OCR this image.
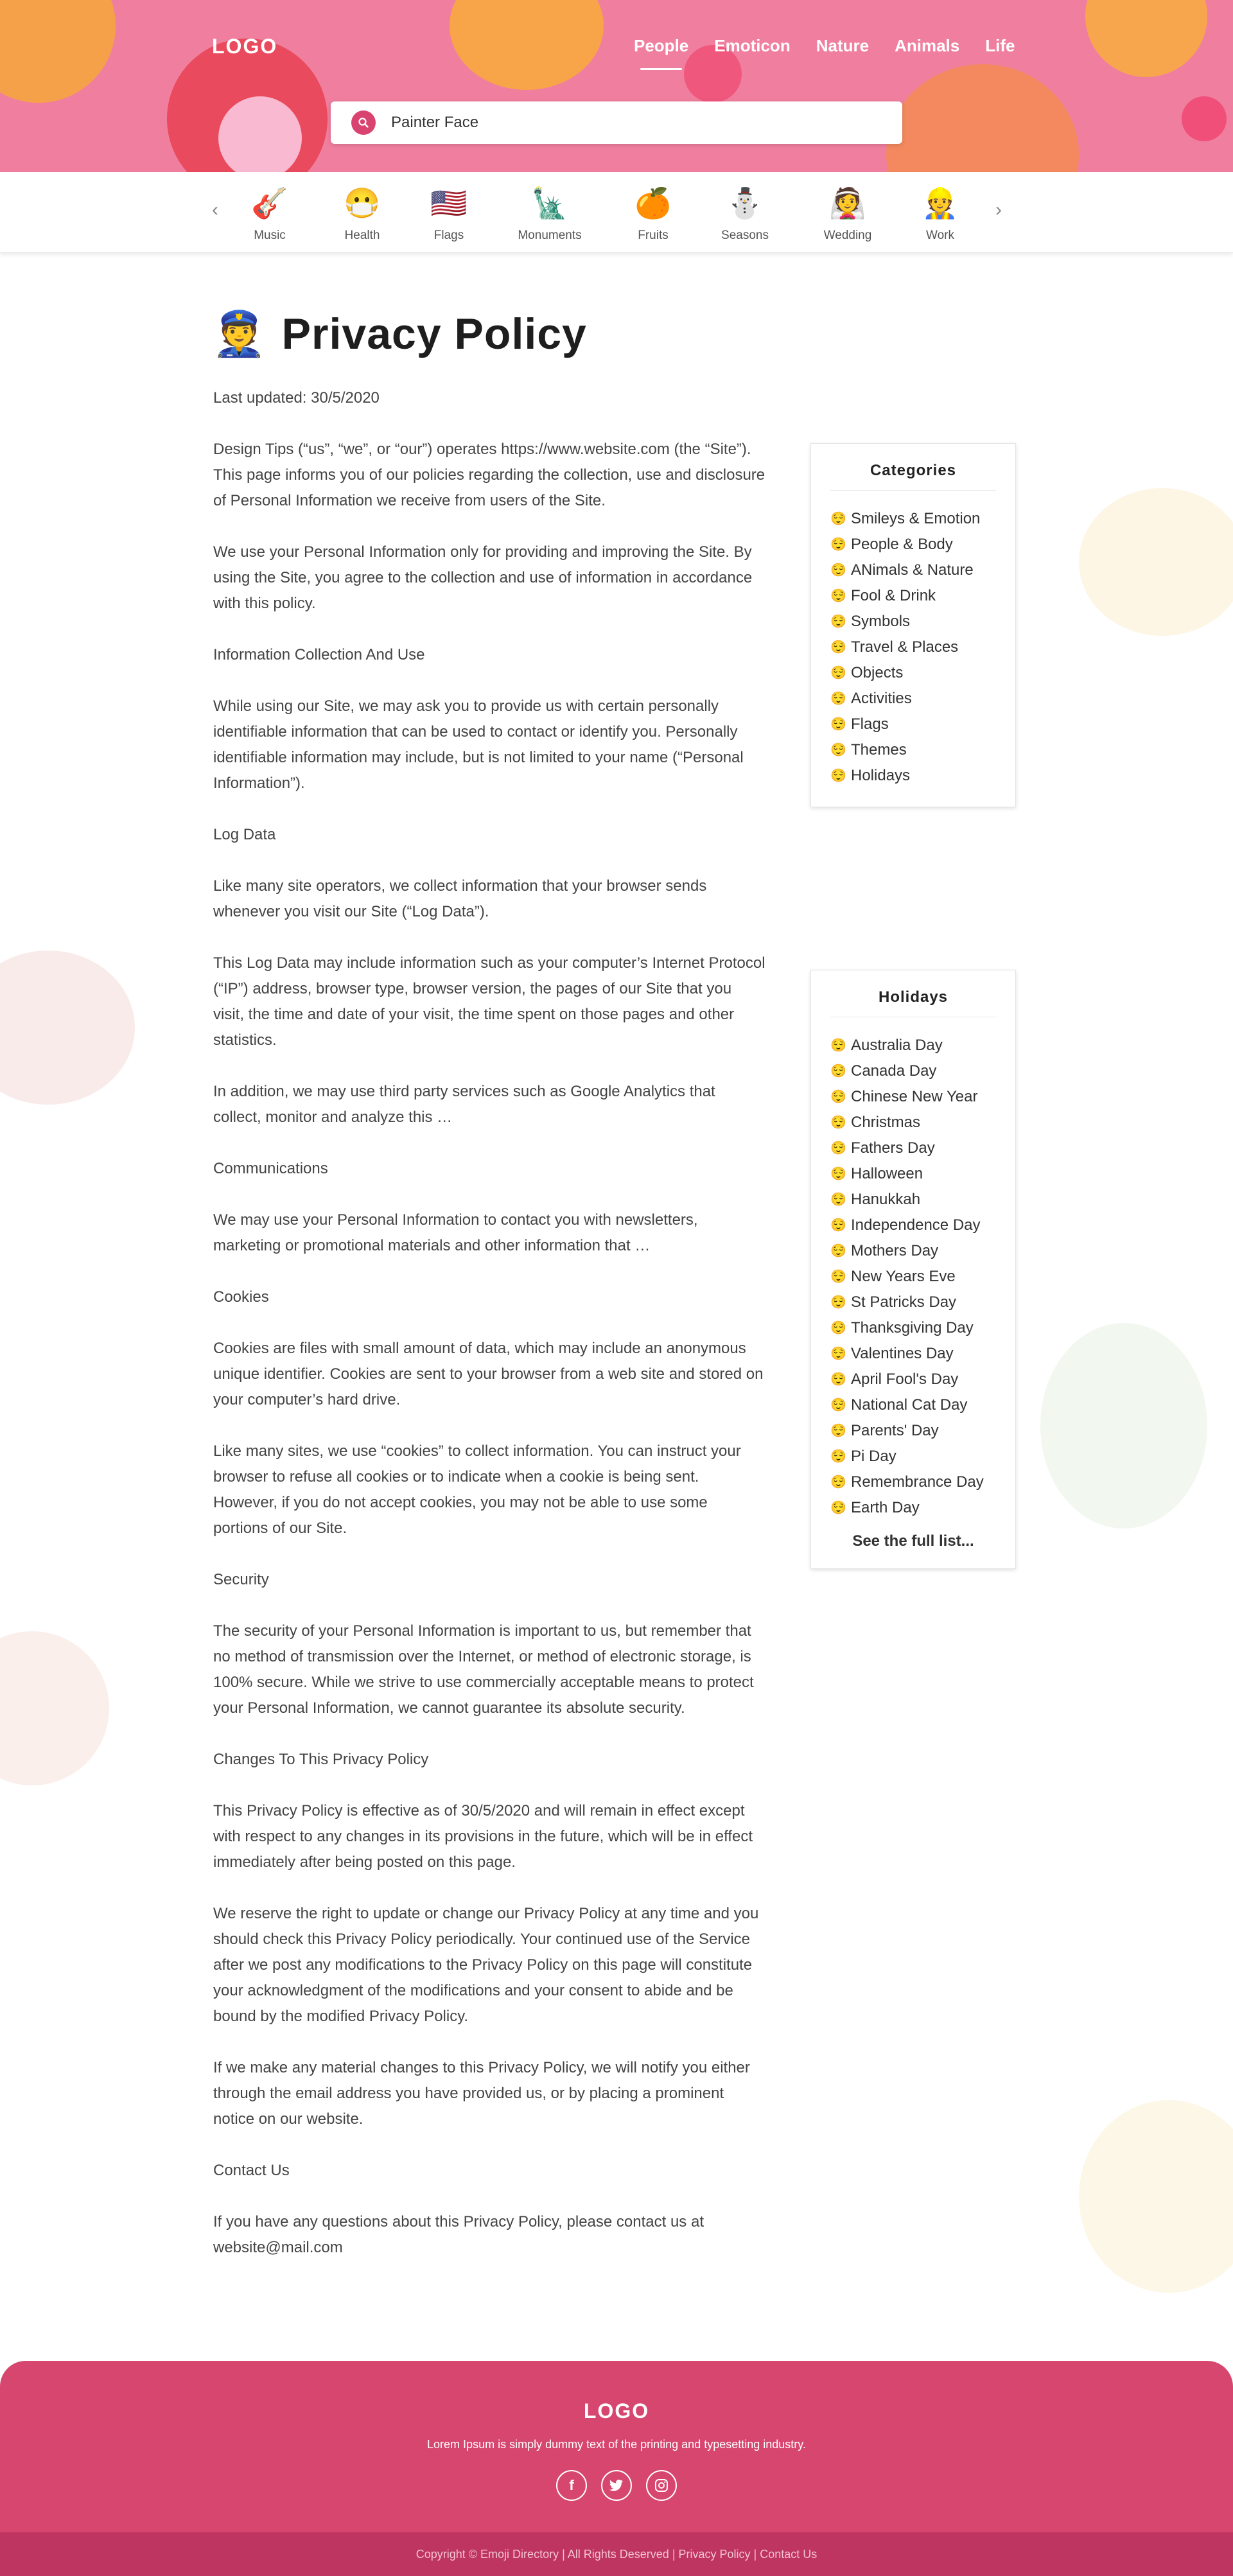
LOGO	People Emoticon Nature Animals Life
Painter Face
‹	🎸
Music
😷
Health
🇺🇸
Flags
🗽
Monuments
🍊
Fruits
⛄
Seasons
👰
Wedding
👷
Work
›
👮 Privacy Policy

Last updated: 30/5/2020

Design Tips (“us”, “we”, or “our”) operates https://www.website.com (the “Site”). This page informs you of our policies regarding the collection, use and disclosure of Personal Information we receive from users of the Site.

We use your Personal Information only for providing and improving the Site. By using the Site, you agree to the collection and use of information in accordance with this policy.

Information Collection And Use

While using our Site, we may ask you to provide us with certain personally identifiable information that can be used to contact or identify you. Personally identifiable information may include, but is not limited to your name (“Personal Information”).

Log Data

Like many site operators, we collect information that your browser sends whenever you visit our Site (“Log Data”).

This Log Data may include information such as your computer’s Internet Protocol (“IP”) address, browser type, browser version, the pages of our Site that you visit, the time and date of your visit, the time spent on those pages and other statistics.

In addition, we may use third party services such as Google Analytics that collect, monitor and analyze this …

Communications

We may use your Personal Information to contact you with newsletters, marketing or promotional materials and other information that …

Cookies

Cookies are files with small amount of data, which may include an anonymous unique identifier. Cookies are sent to your browser from a web site and stored on your computer’s hard drive.

Like many sites, we use “cookies” to collect information. You can instruct your browser to refuse all cookies or to indicate when a cookie is being sent. However, if you do not accept cookies, you may not be able to use some portions of our Site.

Security

The security of your Personal Information is important to us, but remember that no method of transmission over the Internet, or method of electronic storage, is 100% secure. While we strive to use commercially acceptable means to protect your Personal Information, we cannot guarantee its absolute security.

Changes To This Privacy Policy

This Privacy Policy is effective as of 30/5/2020 and will remain in effect except with respect to any changes in its provisions in the future, which will be in effect immediately after being posted on this page.

We reserve the right to update or change our Privacy Policy at any time and you should check this Privacy Policy periodically. Your continued use of the Service after we post any modifications to the Privacy Policy on this page will constitute your acknowledgment of the modifications and your consent to abide and be bound by the modified Privacy Policy.

If we make any material changes to this Privacy Policy, we will notify you either through the email address you have provided us, or by placing a prominent notice on our website.

Contact Us

If you have any questions about this Privacy Policy, please contact us at website@mail.com

Categories
😌 Smileys & Emotion
😌 People & Body
😌 ANimals & Nature
😌 Fool & Drink
😌 Symbols
😌 Travel & Places
😌 Objects
😌 Activities
😌 Flags
😌 Themes
😌 Holidays
Holidays
😌 Australia Day
😌 Canada Day
😌 Chinese New Year
😌 Christmas
😌 Fathers Day
😌 Halloween
😌 Hanukkah
😌 Independence Day
😌 Mothers Day
😌 New Years Eve
😌 St Patricks Day
😌 Thanksgiving Day
😌 Valentines Day
😌 April Fool's Day
😌 National Cat Day
😌 Parents' Day
😌 Pi Day
😌 Remembrance Day
😌 Earth Day
See the full list...
LOGO
Lorem Ipsum is simply dummy text of the printing and typesetting industry.
f
Copyright © Emoji Directory | All Rights Deserved | Privacy Policy | Contact Us
